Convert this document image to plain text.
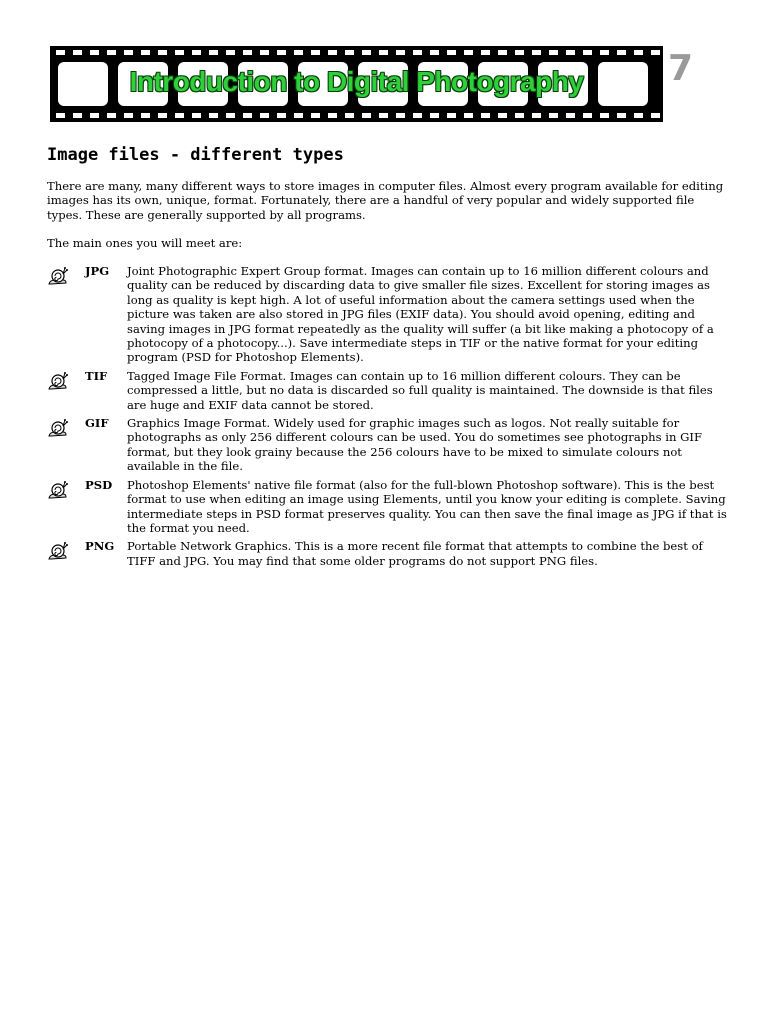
Introduction to Digital Photography	7
Image files - different types

There are many, many different ways to store images in computer files. Almost every program available for editing images has its own, unique, format. Fortunately, there are a handful of very popular and widely supported file types. These are generally supported by all programs.

The main ones you will meet are:

JPG Joint Photographic Expert Group format. Images can contain up to 16 million different colours and quality can be reduced by discarding data to give smaller file sizes. Excellent for storing images as long as quality is kept high. A lot of useful information about the camera settings used when the picture was taken are also stored in JPG files (EXIF data). You should avoid opening, editing and saving images in JPG format repeatedly as the quality will suffer (a bit like making a photocopy of a photocopy of a photocopy...). Save intermediate steps in TIF or the native format for your editing program (PSD for Photoshop Elements).
TIF Tagged Image File Format. Images can contain up to 16 million different colours. They can be compressed a little, but no data is discarded so full quality is maintained. The downside is that files are huge and EXIF data cannot be stored.
GIF Graphics Image Format. Widely used for graphic images such as logos. Not really suitable for photographs as only 256 different colours can be used. You do sometimes see photographs in GIF format, but they look grainy because the 256 colours have to be mixed to simulate colours not available in the file.
PSD Photoshop Elements' native file format (also for the full-blown Photoshop software). This is the best format to use when editing an image using Elements, until you know your editing is complete. Saving intermediate steps in PSD format preserves quality. You can then save the final image as JPG if that is the format you need.
PNG Portable Network Graphics. This is a more recent file format that attempts to combine the best of TIFF and JPG. You may find that some older programs do not support PNG files.
